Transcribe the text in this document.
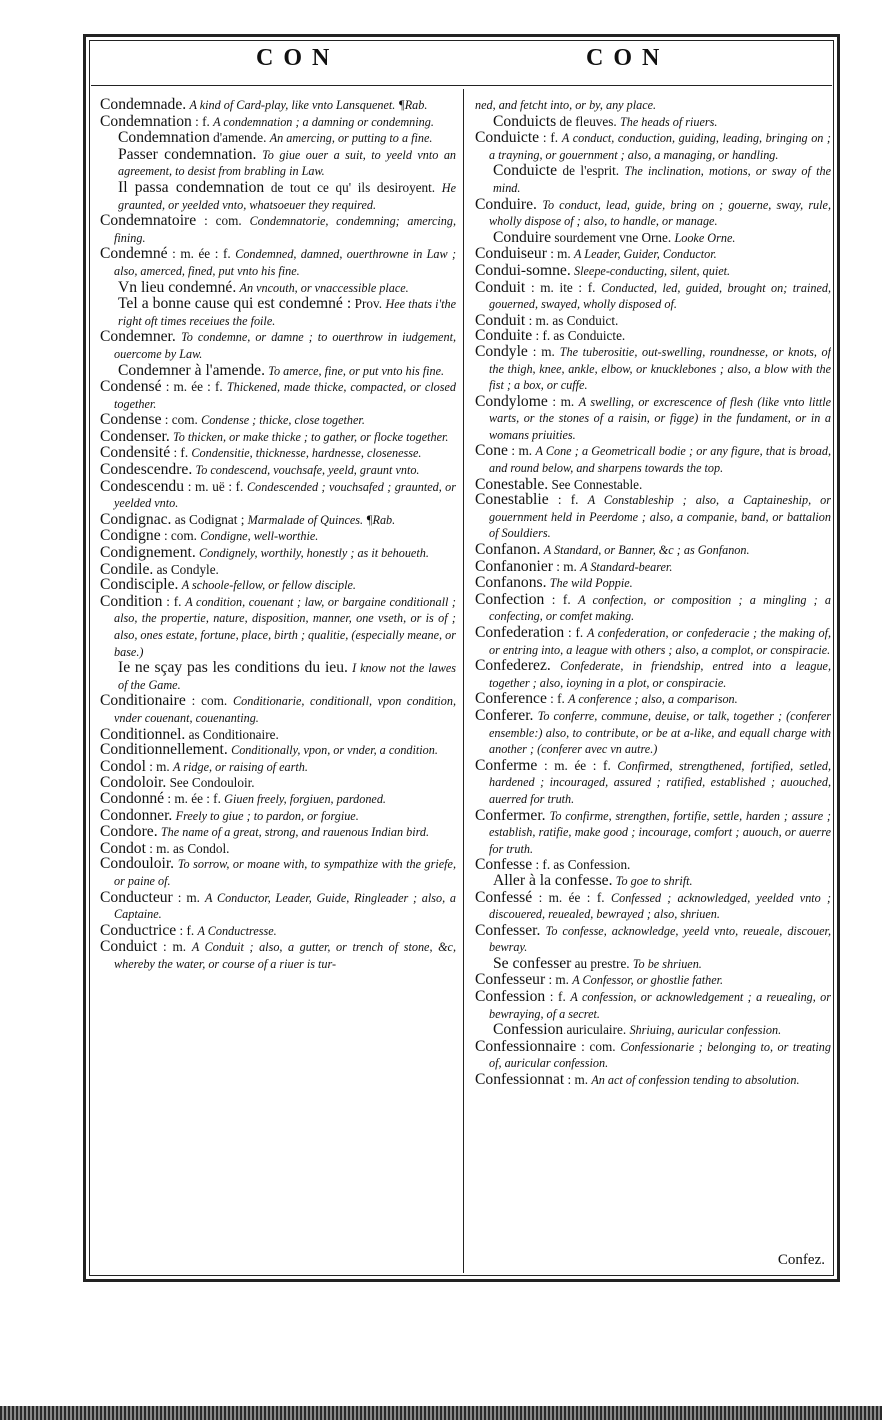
CON	CON

Condemnade. A kind of Card-play, like vnto Lansquenet. ¶Rab.

Condemnation : f. A condemnation ; a damning or condemning.

Condemnation d'amende. An amercing, or putting to a fine.

Passer condemnation. To giue ouer a suit, to yeeld vnto an agreement, to desist from brabling in Law.

Il passa condemnation de tout ce qu' ils desiroyent. He graunted, or yeelded vnto, whatsoeuer they required.

Condemnatoire : com. Condemnatorie, condemning; amercing, fining.

Condemné : m. ée : f. Condemned, damned, ouerthrowne in Law ; also, amerced, fined, put vnto his fine.

Vn lieu condemné. An vncouth, or vnaccessible place.

Tel a bonne cause qui est condemné : Prov. Hee thats i'the right oft times receiues the foile.

Condemner. To condemne, or damne ; to ouerthrow in iudgement, ouercome by Law.

Condemner à l'amende. To amerce, fine, or put vnto his fine.

Condensé : m. ée : f. Thickened, made thicke, compacted, or closed together.

Condense : com. Condense ; thicke, close together.

Condenser. To thicken, or make thicke ; to gather, or flocke together.

Condensité : f. Condensitie, thicknesse, hardnesse, closenesse.

Condescendre. To condescend, vouchsafe, yeeld, graunt vnto.

Condescendu : m. uë : f. Condescended ; vouchsafed ; graunted, or yeelded vnto.

Condignac. as Codignat ; Marmalade of Quinces. ¶Rab.

Condigne : com. Condigne, well-worthie.

Condignement. Condignely, worthily, honestly ; as it behoueth.

Condile. as Condyle.

Condisciple. A schoole-fellow, or fellow disciple.

Condition : f. A condition, couenant ; law, or bargaine conditionall ; also, the propertie, nature, disposition, manner, one vseth, or is of ; also, ones estate, fortune, place, birth ; qualitie, (especially meane, or base.)

Ie ne sçay pas les conditions du ieu. I know not the lawes of the Game.

Conditionaire : com. Conditionarie, conditionall, vpon condition, vnder couenant, couenanting.

Conditionnel. as Conditionaire.

Conditionnellement. Conditionally, vpon, or vnder, a condition.

Condol : m. A ridge, or raising of earth.

Condoloir. See Condouloir.

Condonné : m. ée : f. Giuen freely, forgiuen, pardoned.

Condonner. Freely to giue ; to pardon, or forgiue.

Condore. The name of a great, strong, and rauenous Indian bird.

Condot : m. as Condol.

Condouloir. To sorrow, or moane with, to sympathize with the griefe, or paine of.

Conducteur : m. A Conductor, Leader, Guide, Ringleader ; also, a Captaine.

Conductrice : f. A Conductresse.

Conduict : m. A Conduit ; also, a gutter, or trench of stone, &c, whereby the water, or course of a riuer is tur-

ned, and fetcht into, or by, any place.

Conduicts de fleuves. The heads of riuers.

Conduicte : f. A conduct, conduction, guiding, leading, bringing on ; a trayning, or gouernment ; also, a managing, or handling.

Conduicte de l'esprit. The inclination, motions, or sway of the mind.

Conduire. To conduct, lead, guide, bring on ; gouerne, sway, rule, wholly dispose of ; also, to handle, or manage.

Conduire sourdement vne Orne. Looke Orne.

Conduiseur : m. A Leader, Guider, Conductor.

Condui-somne. Sleepe-conducting, silent, quiet.

Conduit : m. ite : f. Conducted, led, guided, brought on; trained, gouerned, swayed, wholly disposed of.

Conduit : m. as Conduict.

Conduite : f. as Conduicte.

Condyle : m. The tuberositie, out-swelling, roundnesse, or knots, of the thigh, knee, ankle, elbow, or knucklebones ; also, a blow with the fist ; a box, or cuffe.

Condylome : m. A swelling, or excrescence of flesh (like vnto little warts, or the stones of a raisin, or figge) in the fundament, or in a womans priuities.

Cone : m. A Cone ; a Geometricall bodie ; or any figure, that is broad, and round below, and sharpens towards the top.

Conestable. See Connestable.

Conestablie : f. A Constableship ; also, a Captaineship, or gouernment held in Peerdome ; also, a companie, band, or battalion of Souldiers.

Confanon. A Standard, or Banner, &c ; as Gonfanon.

Confanonier : m. A Standard-bearer.

Confanons. The wild Poppie.

Confection : f. A confection, or composition ; a mingling ; a confecting, or comfet making.

Confederation : f. A confederation, or confederacie ; the making of, or entring into, a league with others ; also, a complot, or conspiracie.

Confederez. Confederate, in friendship, entred into a league, together ; also, ioyning in a plot, or conspiracie.

Conference : f. A conference ; also, a comparison.

Conferer. To conferre, commune, deuise, or talk, together ; (conferer ensemble:) also, to contribute, or be at a-like, and equall charge with another ; (conferer avec vn autre.)

Conferme : m. ée : f. Confirmed, strengthened, fortified, setled, hardened ; incouraged, assured ; ratified, established ; auouched, auerred for truth.

Confermer. To confirme, strengthen, fortifie, settle, harden ; assure ; establish, ratifie, make good ; incourage, comfort ; auouch, or auerre for truth.

Confesse : f. as Confession.

Aller à la confesse. To goe to shrift.

Confessé : m. ée : f. Confessed ; acknowledged, yeelded vnto ; discouered, reuealed, bewrayed ; also, shriuen.

Confesser. To confesse, acknowledge, yeeld vnto, reueale, discouer, bewray.

Se confesser au prestre. To be shriuen.

Confesseur : m. A Confessor, or ghostlie father.

Confession : f. A confession, or acknowledgement ; a reuealing, or bewraying, of a secret.

Confession auriculaire. Shriuing, auricular confession.

Confessionnaire : com. Confessionarie ; belonging to, or treating of, auricular confession.

Confessionnat : m. An act of confession tending to absolution.

Confez.
